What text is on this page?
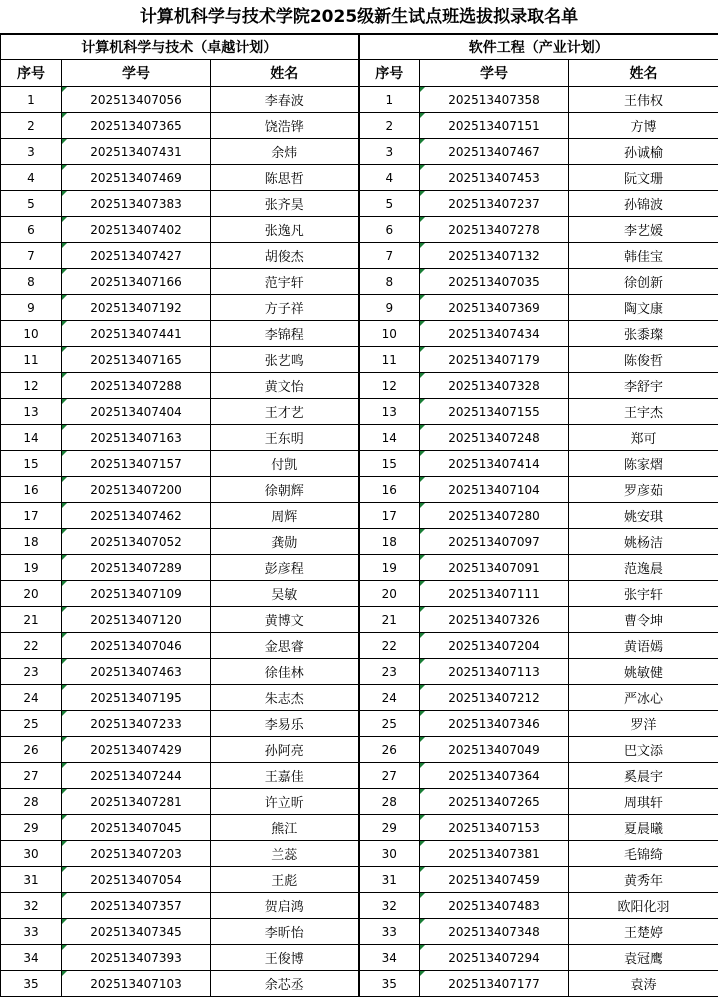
计算机科学与技术学院2025级新生试点班选拔拟录取名单
计算机科学与技术（卓越计划）			软件工程（产业计划）		
序号	学号	姓名	序号	学号	姓名
1	202513407056	李春波	1	202513407358	王伟权
2	202513407365	饶浩铧	2	202513407151	方博
3	202513407431	余炜	3	202513407467	孙诚榆
4	202513407469	陈思哲	4	202513407453	阮文珊
5	202513407383	张齐昊	5	202513407237	孙锦波
6	202513407402	张逸凡	6	202513407278	李艺媛
7	202513407427	胡俊杰	7	202513407132	韩佳宝
8	202513407166	范宇轩	8	202513407035	徐创新
9	202513407192	方子祥	9	202513407369	陶文康
10	202513407441	李锦程	10	202513407434	张黍璨
11	202513407165	张艺鸣	11	202513407179	陈俊哲
12	202513407288	黄文怡	12	202513407328	李舒宇
13	202513407404	王才艺	13	202513407155	王宇杰
14	202513407163	王东明	14	202513407248	郑可
15	202513407157	付凯	15	202513407414	陈家熠
16	202513407200	徐朝辉	16	202513407104	罗彦茹
17	202513407462	周辉	17	202513407280	姚安琪
18	202513407052	龚勋	18	202513407097	姚杨洁
19	202513407289	彭彦程	19	202513407091	范逸晨
20	202513407109	吴敏	20	202513407111	张宇轩
21	202513407120	黄博文	21	202513407326	曹令坤
22	202513407046	金思睿	22	202513407204	黄语嫣
23	202513407463	徐佳林	23	202513407113	姚敏健
24	202513407195	朱志杰	24	202513407212	严冰心
25	202513407233	李易乐	25	202513407346	罗洋
26	202513407429	孙阿亮	26	202513407049	巴文添
27	202513407244	王嘉佳	27	202513407364	奚晨宇
28	202513407281	许立昕	28	202513407265	周琪轩
29	202513407045	熊江	29	202513407153	夏晨曦
30	202513407203	兰蕊	30	202513407381	毛锦绮
31	202513407054	王彪	31	202513407459	黄秀年
32	202513407357	贺启鸿	32	202513407483	欧阳化羽
33	202513407345	李昕怡	33	202513407348	王楚婷
34	202513407393	王俊博	34	202513407294	袁冠鹰
35	202513407103	余芯丞	35	202513407177	袁涛
